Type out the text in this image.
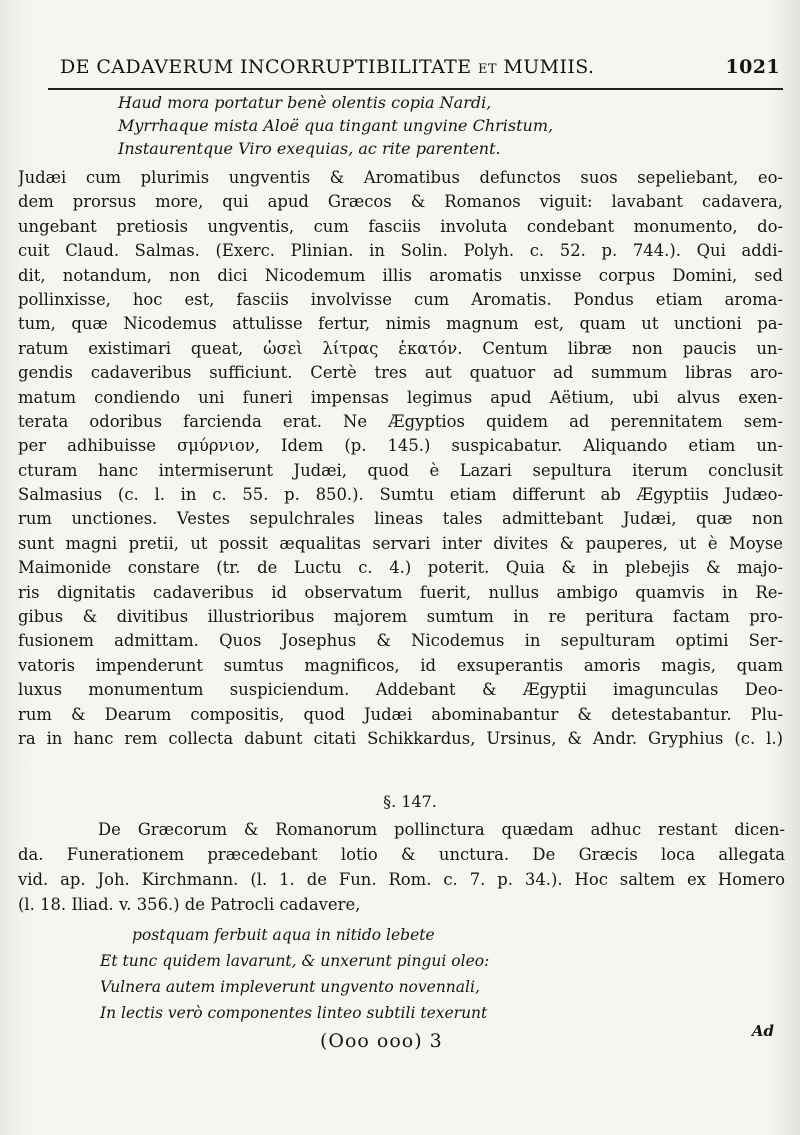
DE CADAVERUM INCORRUPTIBILITATE ET MUMIIS.	1021
Haud mora portatur benè olentis copia Nardi,
Myrrhaque mista Aloë qua tingant ungvine Christum,
Instaurentque Viro exequias, ac rite parentent.
Judæi cum plurimis ungventis & Aromatibus defunctos suos sepeliebant, eo-
dem prorsus more, qui apud Græcos & Romanos viguit: lavabant cadavera,
ungebant pretiosis ungventis, cum fasciis involuta condebant monumento, do-
cuit Claud. Salmas. (Exerc. Plinian. in Solin. Polyh. c. 52. p. 744.). Qui addi-
dit, notandum, non dici Nicodemum illis aromatis unxisse corpus Domini, sed
pollinxisse, hoc est, fasciis involvisse cum Aromatis. Pondus etiam aroma-
tum, quæ Nicodemus attulisse fertur, nimis magnum est, quam ut unctioni pa-
ratum existimari queat, ὡσεὶ λίτρας ἑκατόν. Centum libræ non paucis un-
gendis cadaveribus sufficiunt. Certè tres aut quatuor ad summum libras aro-
matum condiendo uni funeri impensas legimus apud Aëtium, ubi alvus exen-
terata odoribus farcienda erat. Ne Ægyptios quidem ad perennitatem sem-
per adhibuisse σμύρνιον, Idem (p. 145.) suspicabatur. Aliquando etiam un-
cturam hanc intermiserunt Judæi, quod è Lazari sepultura iterum conclusit
Salmasius (c. l. in c. 55. p. 850.). Sumtu etiam differunt ab Ægyptiis Judæo-
rum unctiones. Vestes sepulchrales lineas tales admittebant Judæi, quæ non
sunt magni pretii, ut possit æqualitas servari inter divites & pauperes, ut è Moyse
Maimonide constare (tr. de Luctu c. 4.) poterit. Quia & in plebejis & majo-
ris dignitatis cadaveribus id observatum fuerit, nullus ambigo quamvis in Re-
gibus & divitibus illustrioribus majorem sumtum in re peritura factam pro-
fusionem admittam. Quos Josephus & Nicodemus in sepulturam optimi Ser-
vatoris impenderunt sumtus magnificos, id exsuperantis amoris magis, quam
luxus monumentum suspiciendum. Addebant & Ægyptii imagunculas Deo-
rum & Dearum compositis, quod Judæi abominabantur & detestabantur. Plu-
ra in hanc rem collecta dabunt citati Schikkardus, Ursinus, & Andr. Gryphius (c. l.)
§. 147.
De Græcorum & Romanorum pollinctura quædam adhuc restant dicen-
da. Funerationem præcedebant lotio & unctura. De Græcis loca allegata
vid. ap. Joh. Kirchmann. (l. 1. de Fun. Rom. c. 7. p. 34.). Hoc saltem ex Homero
(l. 18. Iliad. v. 356.) de Patrocli cadavere,
postquam ferbuit aqua in nitido lebete
Et tunc quidem lavarunt, & unxerunt pingui oleo:
Vulnera autem impleverunt ungvento novennali,
In lectis verò componentes linteo subtili texerunt
(Ooo ooo) 3	Ad
